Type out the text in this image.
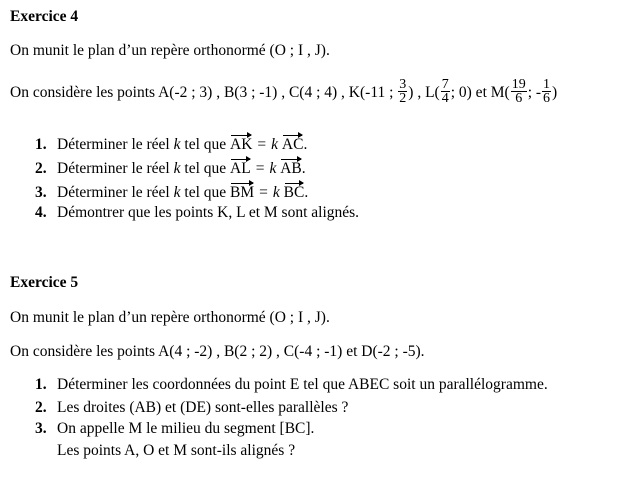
Exercice 4
On munit le plan d’un repère orthonormé (O ; I , J).
On considère les points A(-2 ; 3) , B(3 ; -1) , C(4 ; 4) , K(-11 ; $\frac{3}{2}$ ) , $L( \frac{7}{4}$ ; 0) et $M( \frac{19}{6}$ ; - $\frac{1}{6}$ )
1. Déterminer le réel k tel que AK = k AC.
2. Déterminer le réel k tel que AL = k AB.
3. Déterminer le réel k tel que BM = k BC.
4. Démontrer que les points K, L et M sont alignés.
Exercice 5
On munit le plan d’un repère orthonormé (O ; I , J).
On considère les points A(4 ; -2) , B(2 ; 2) , C(-4 ; -1) et D(-2 ; -5).
1. Déterminer les coordonnées du point E tel que ABEC soit un parallélogramme.
2. Les droites (AB) et (DE) sont-elles parallèles ?
3. On appelle M le milieu du segment [BC].
Les points A, O et M sont-ils alignés ?
